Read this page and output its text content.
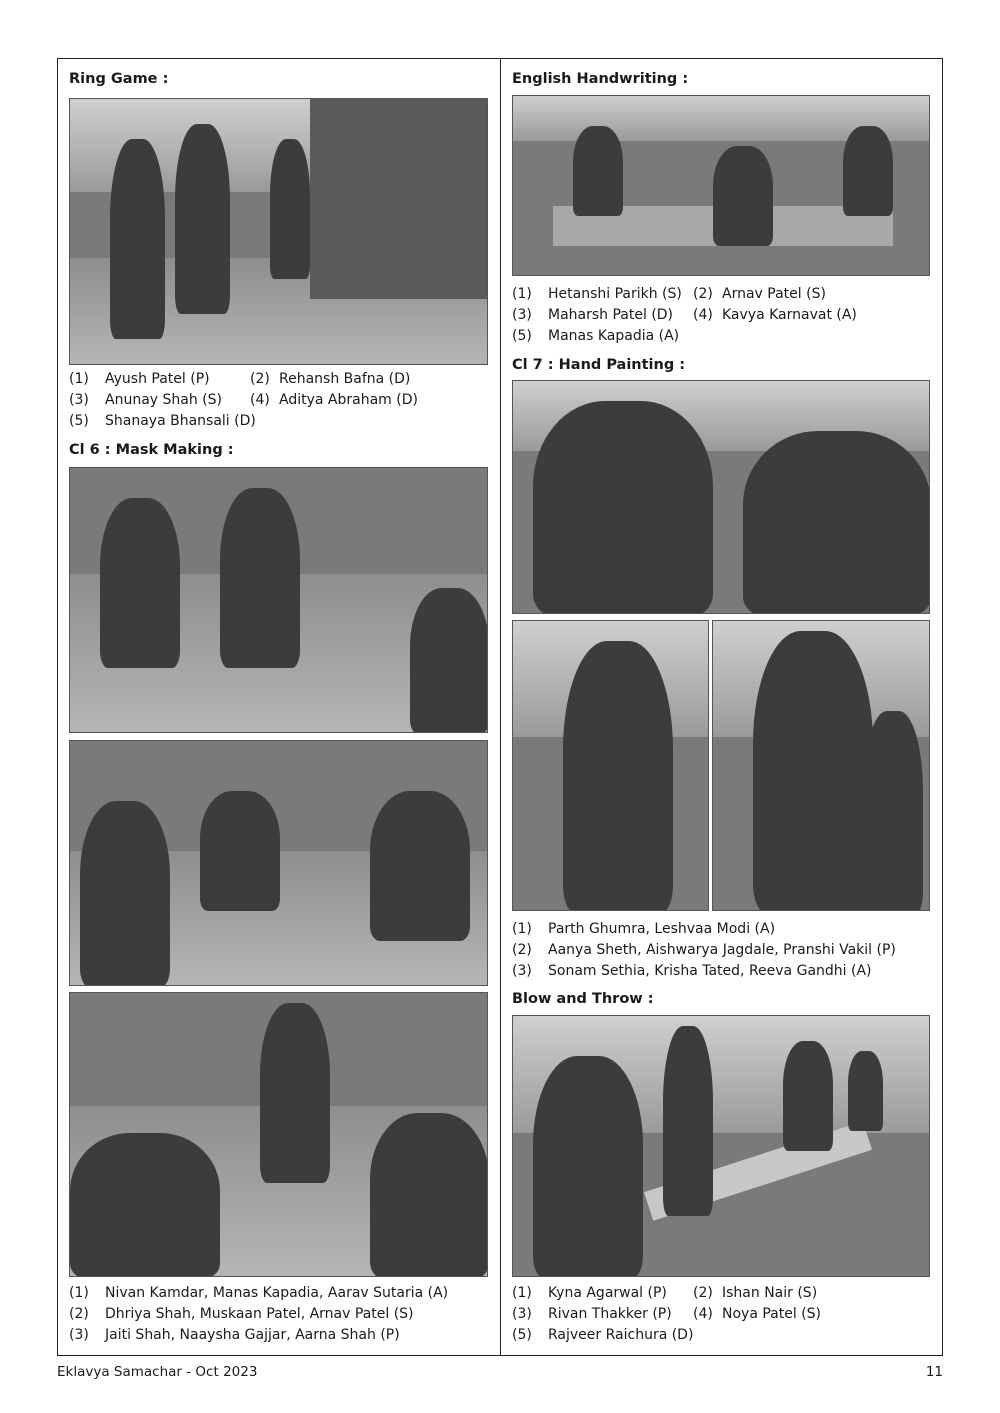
Ring Game :
(1)	Ayush Patel (P)	(2) Rehansh Bafna (D)
(3)	Anunay Shah (S)	(4) Aditya Abraham (D)
(5)	Shanaya Bhansali (D)
Cl 6 : Mask Making :
(1)	Nivan Kamdar, Manas Kapadia, Aarav Sutaria (A)
(2)	Dhriya Shah, Muskaan Patel, Arnav Patel (S)
(3)	Jaiti Shah, Naaysha Gajjar, Aarna Shah (P)
English Handwriting :
(1)	Hetanshi Parikh (S) (2) Arnav Patel (S)
(3)	Maharsh Patel (D)	(4) Kavya Karnavat (A)
(5)	Manas Kapadia (A)
Cl 7 : Hand Painting :
(1)	Parth Ghumra, Leshvaa Modi (A)
(2)	Aanya Sheth, Aishwarya Jagdale, Pranshi Vakil (P)
(3)	Sonam Sethia, Krisha Tated, Reeva Gandhi (A)
Blow and Throw :
(1)	Kyna Agarwal (P)	(2) Ishan Nair (S)
(3)	Rivan Thakker (P)	(4) Noya Patel (S)
(5)	Rajveer Raichura (D)
Eklavya Samachar - Oct 2023	11
